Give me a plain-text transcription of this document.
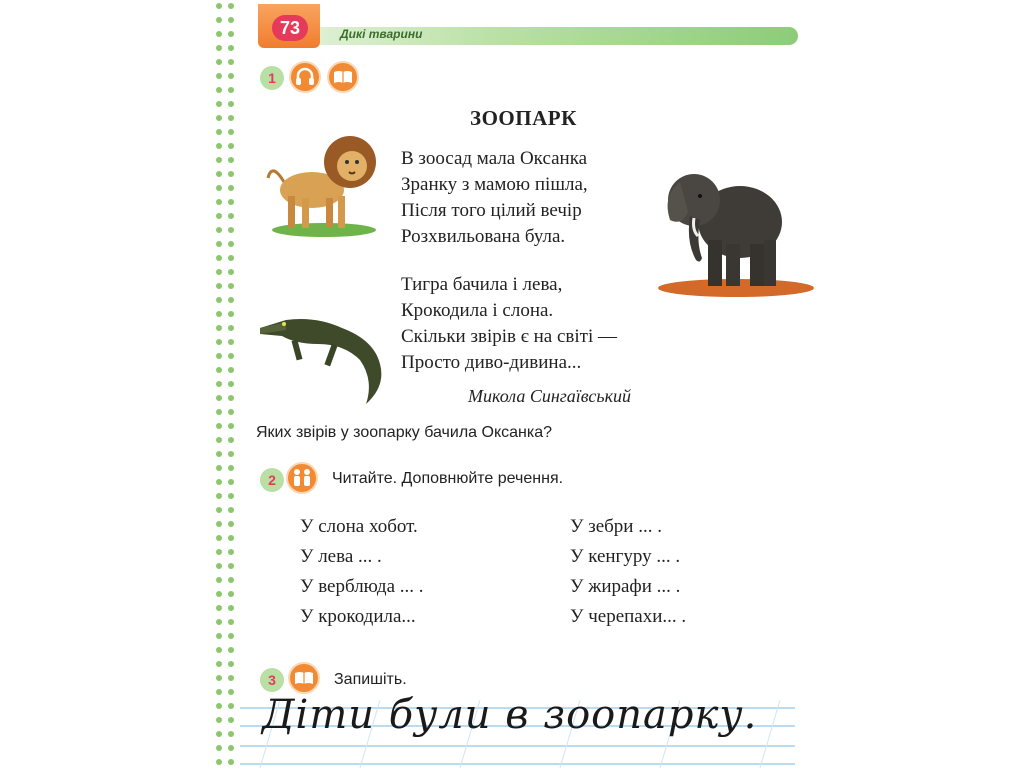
73	Дикі тварини
1
ЗООПАРК
В зоосад мала Оксанка
Зранку з мамою пішла,
Після того цілий вечір
Розхвильована була.
Тигра бачила і лева,
Крокодила і слона.
Скільки звірів є на світі —
Просто диво-дивина...
Микола Сингаївський
Яких звірів у зоопарку бачила Оксанка?
2	Читайте. Доповнюйте речення.
У слона хобот.
У лева ... .
У верблюда ... .
У крокодила...
У зебри ... .
У кенгуру ... .
У жирафи ... .
У черепахи... .
3	Запишіть.
Діти були в зоопарку.
